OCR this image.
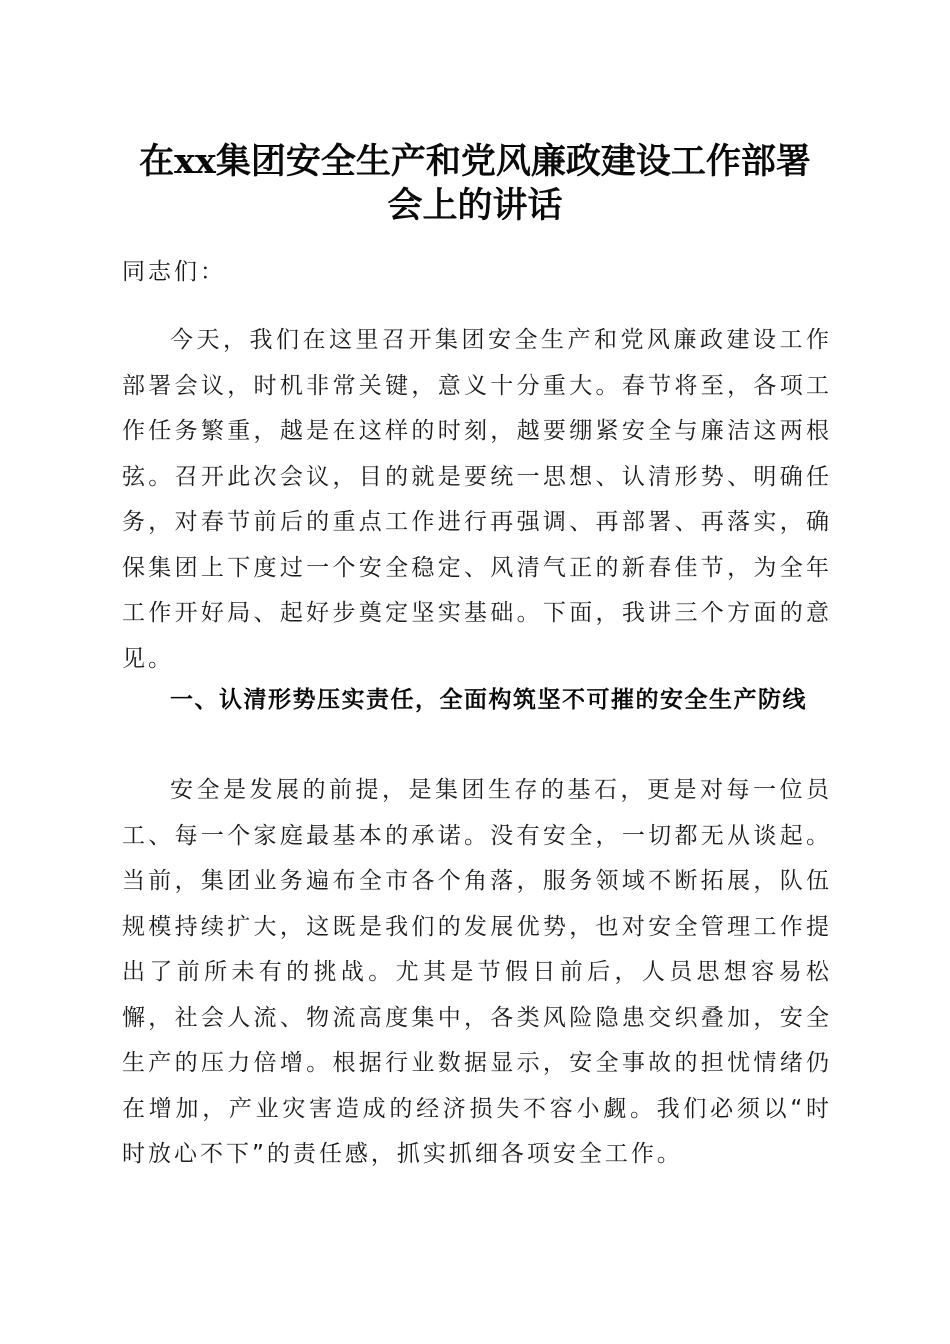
在xx集团安全生产和党风廉政建设工作部署
会上的讲话

同志们：

今天，我们在这里召开集团安全生产和党风廉政建设工作部署会议，时机非常关键，意义十分重大。春节将至，各项工作任务繁重，越是在这样的时刻，越要绷紧安全与廉洁这两根弦。召开此次会议，目的就是要统一思想、认清形势、明确任务，对春节前后的重点工作进行再强调、再部署、再落实，确保集团上下度过一个安全稳定、风清气正的新春佳节，为全年工作开好局、起好步奠定坚实基础。下面，我讲三个方面的意见。

一、认清形势压实责任，全面构筑坚不可摧的安全生产防线

安全是发展的前提，是集团生存的基石，更是对每一位员工、每一个家庭最基本的承诺。没有安全，一切都无从谈起。当前，集团业务遍布全市各个角落，服务领域不断拓展，队伍规模持续扩大，这既是我们的发展优势，也对安全管理工作提出了前所未有的挑战。尤其是节假日前后，人员思想容易松懈，社会人流、物流高度集中，各类风险隐患交织叠加，安全生产的压力倍增。根据行业数据显示，安全事故的担忧情绪仍在增加，产业灾害造成的经济损失不容小觑。我们必须以“时时放心不下”的责任感，抓实抓细各项安全工作。
